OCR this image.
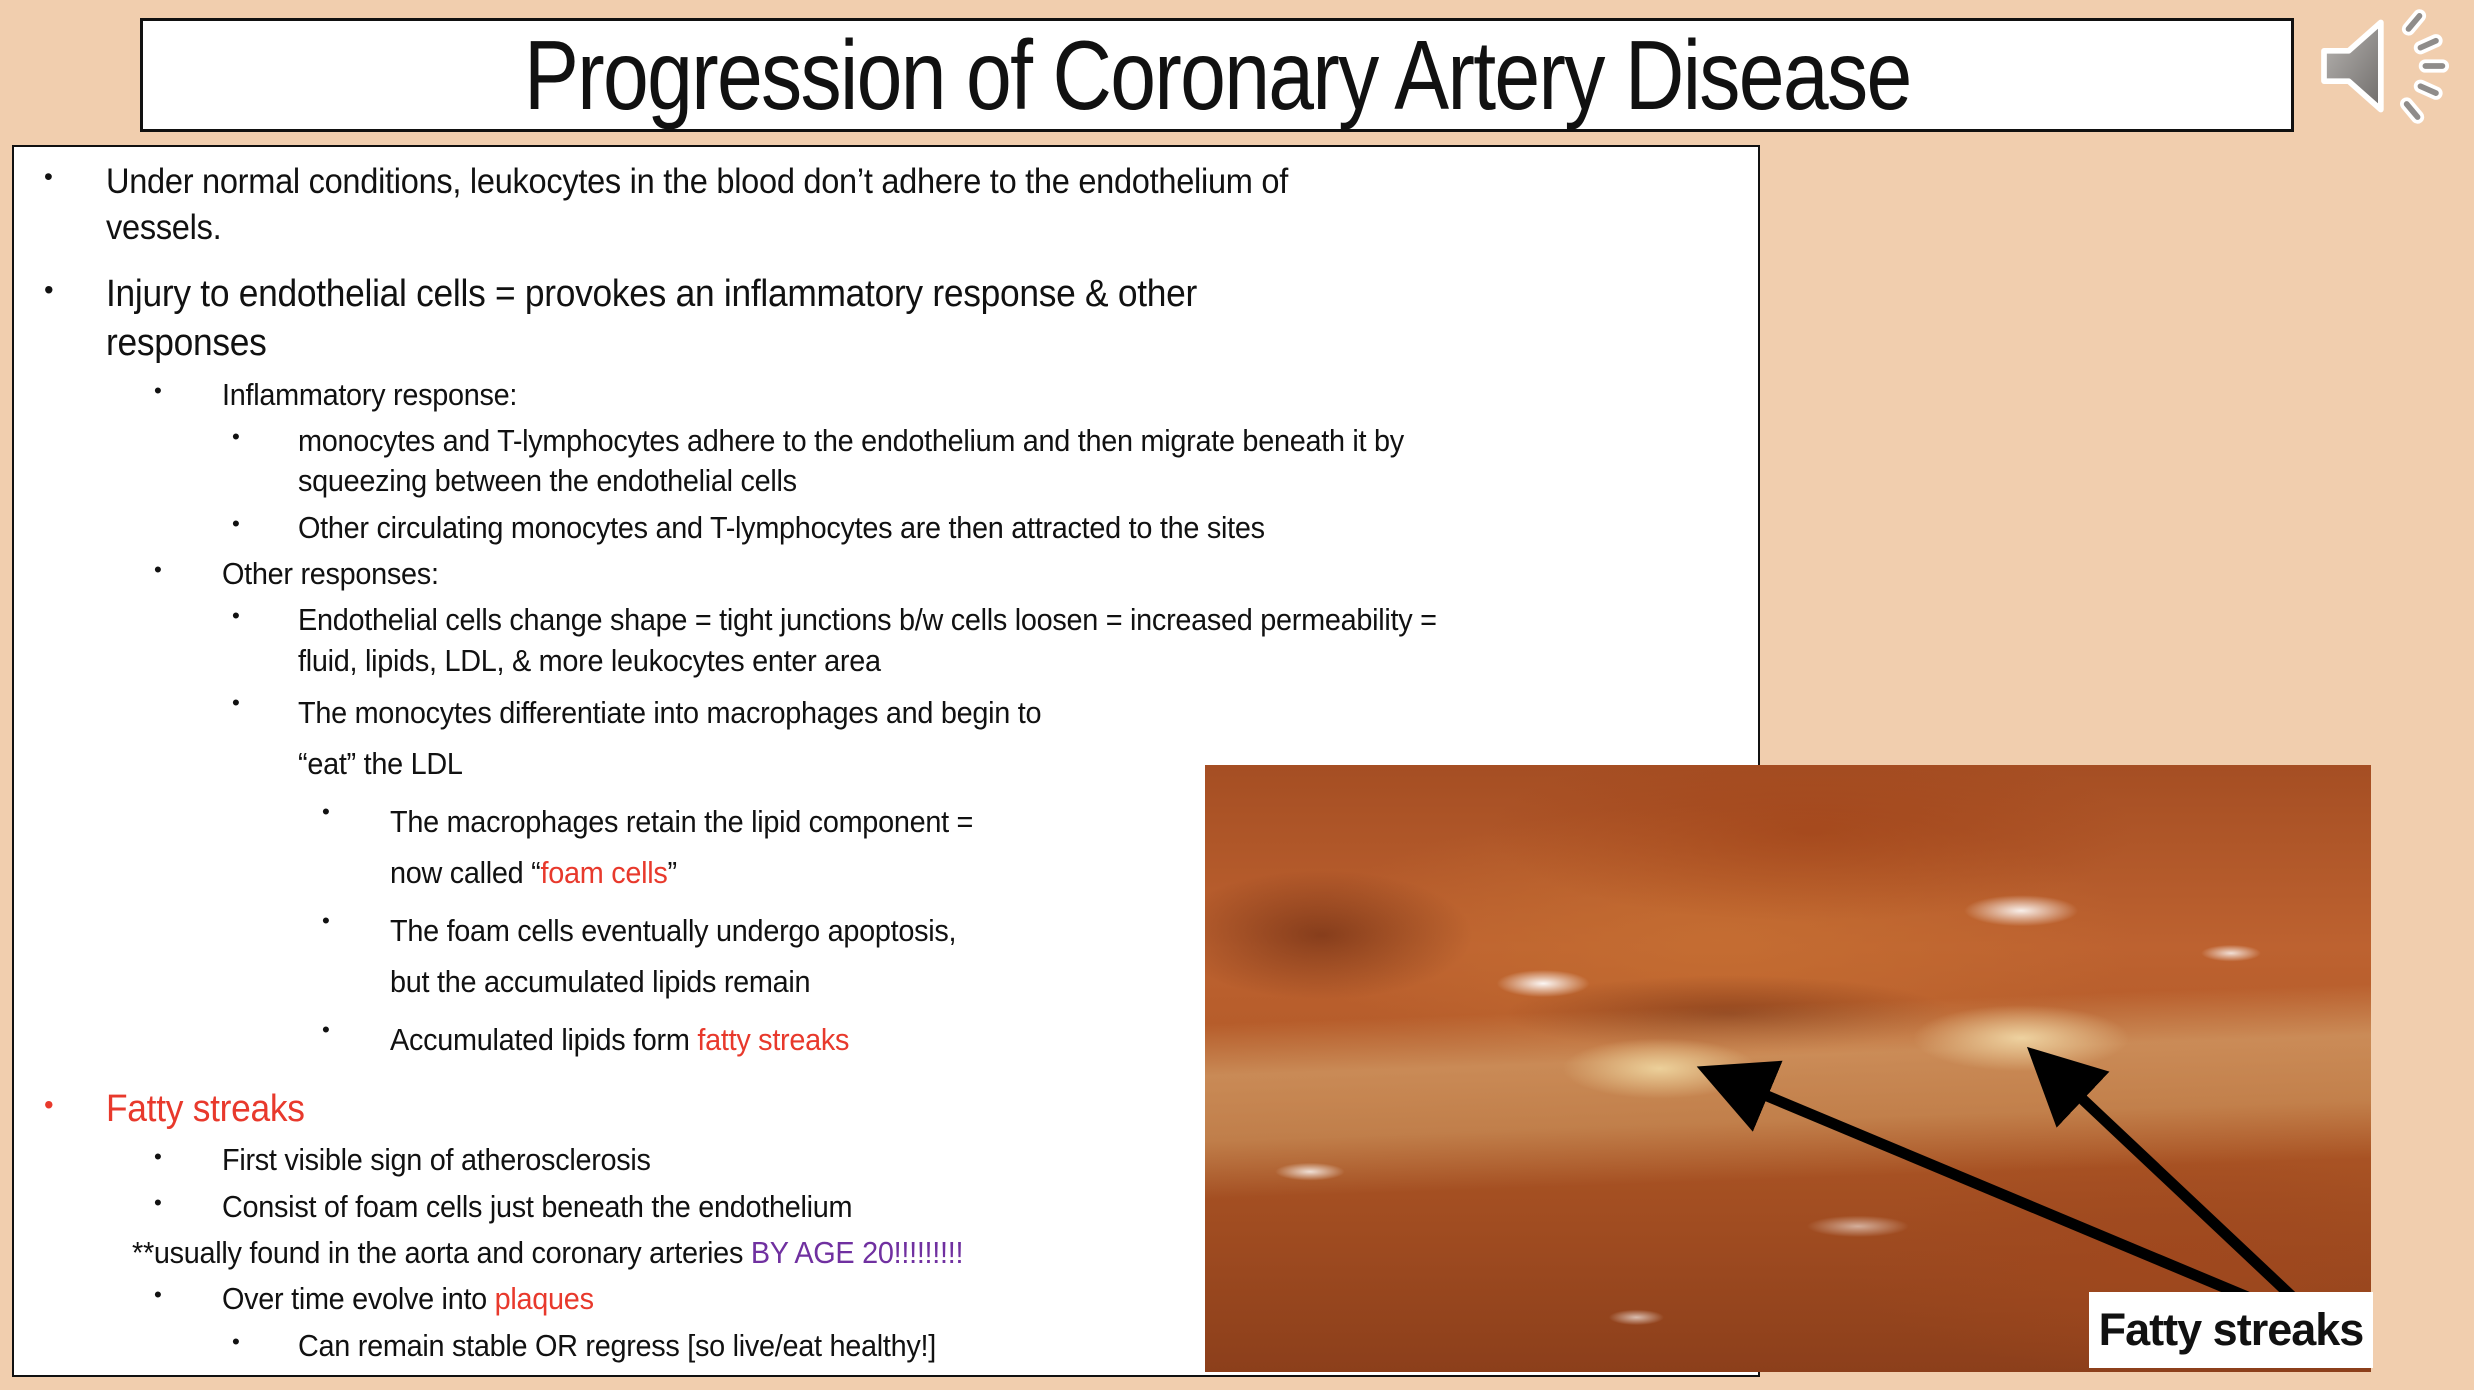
Progression of Coronary Artery Disease
• Under normal conditions, leukocytes in the blood don’t adhere to the endothelium of
vessels.
• Injury to endothelial cells = provokes an inflammatory response & other
responses
• Inflammatory response:
• monocytes and T-lymphocytes adhere to the endothelium and then migrate beneath it by
squeezing between the endothelial cells
• Other circulating monocytes and T-lymphocytes are then attracted to the sites
• Other responses:
• Endothelial cells change shape = tight junctions b/w cells loosen = increased permeability =
fluid, lipids, LDL, & more leukocytes enter area
• The monocytes differentiate into macrophages and begin to
“eat” the LDL
• The macrophages retain the lipid component =
now called “foam cells”
• The foam cells eventually undergo apoptosis,
but the accumulated lipids remain
• Accumulated lipids form fatty streaks
• Fatty streaks
• First visible sign of atherosclerosis
• Consist of foam cells just beneath the endothelium
**usually found in the aorta and coronary arteries BY AGE 20!!!!!!!!!
• Over time evolve into plaques
• Can remain stable OR regress [so live/eat healthy!]	Fatty streaks
